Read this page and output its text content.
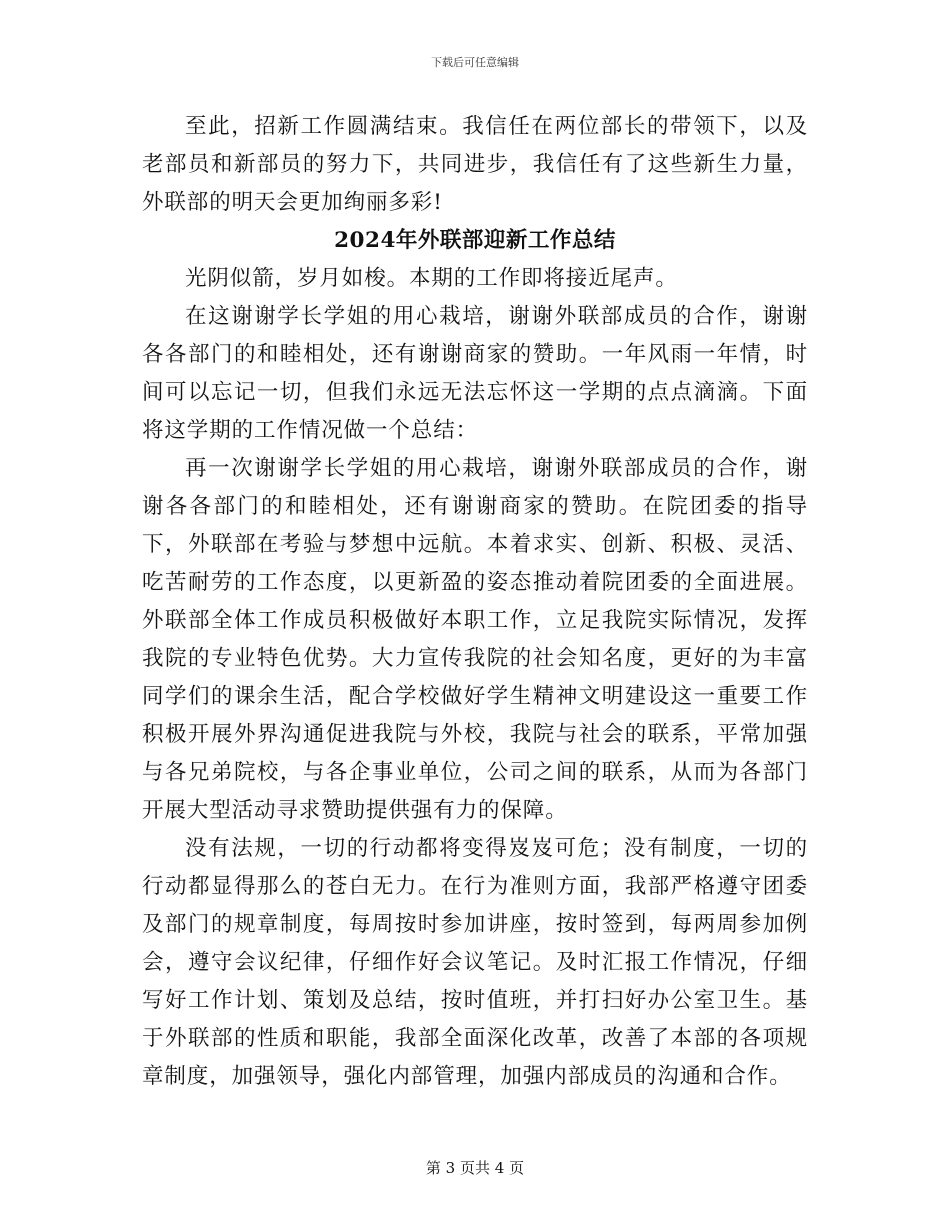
下载后可任意编辑

至此，招新工作圆满结束。我信任在两位部长的带领下，以及老部员和新部员的努力下，共同进步，我信任有了这些新生力量，外联部的明天会更加绚丽多彩!

2024年外联部迎新工作总结

光阴似箭，岁月如梭。本期的工作即将接近尾声。

在这谢谢学长学姐的用心栽培，谢谢外联部成员的合作，谢谢各各部门的和睦相处，还有谢谢商家的赞助。一年风雨一年情，时间可以忘记一切，但我们永远无法忘怀这一学期的点点滴滴。下面将这学期的工作情况做一个总结：

再一次谢谢学长学姐的用心栽培，谢谢外联部成员的合作，谢谢各各部门的和睦相处，还有谢谢商家的赞助。在院团委的指导下，外联部在考验与梦想中远航。本着求实、创新、积极、灵活、吃苦耐劳的工作态度，以更新盈的姿态推动着院团委的全面进展。外联部全体工作成员积极做好本职工作，立足我院实际情况，发挥我院的专业特色优势。大力宣传我院的社会知名度，更好的为丰富同学们的课余生活，配合学校做好学生精神文明建设这一重要工作积极开展外界沟通促进我院与外校，我院与社会的联系，平常加强与各兄弟院校，与各企事业单位，公司之间的联系，从而为各部门开展大型活动寻求赞助提供强有力的保障。

没有法规，一切的行动都将变得岌岌可危；没有制度，一切的行动都显得那么的苍白无力。在行为准则方面，我部严格遵守团委及部门的规章制度，每周按时参加讲座，按时签到，每两周参加例会，遵守会议纪律，仔细作好会议笔记。及时汇报工作情况，仔细写好工作计划、策划及总结，按时值班，并打扫好办公室卫生。基于外联部的性质和职能，我部全面深化改革，改善了本部的各项规章制度，加强领导，强化内部管理，加强内部成员的沟通和合作。

第 3 页共 4 页
